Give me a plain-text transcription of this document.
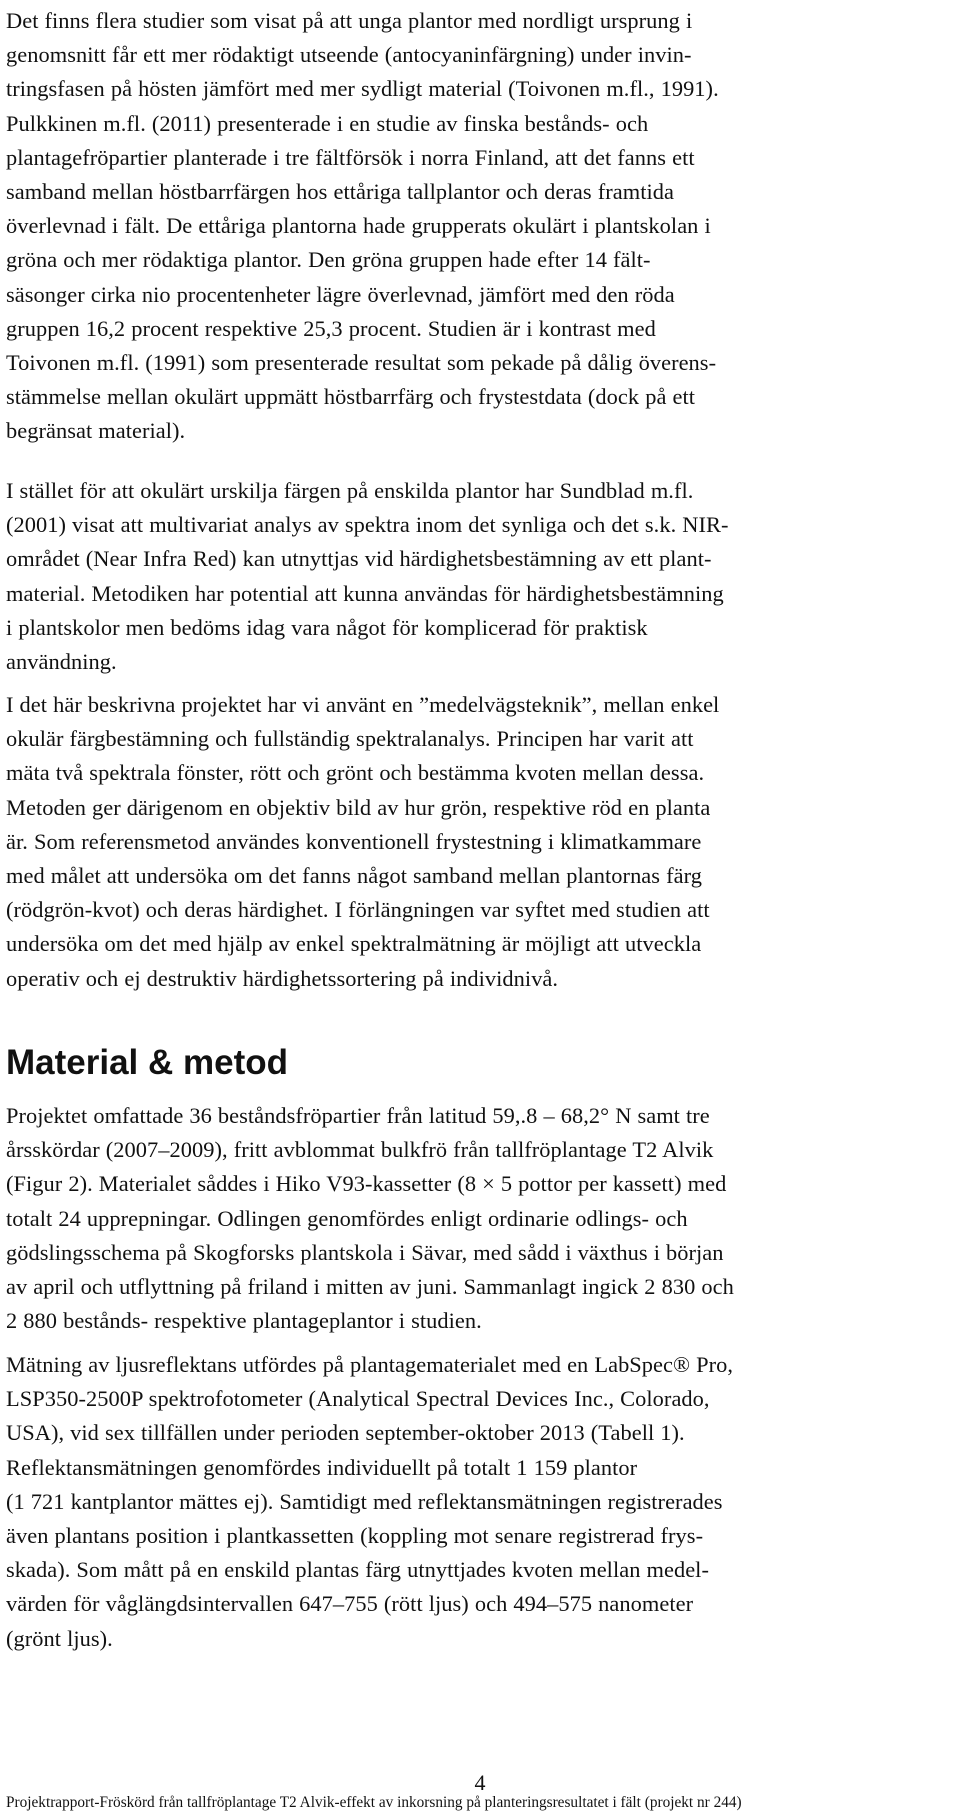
Det finns flera studier som visat på att unga plantor med nordligt ursprung i
genomsnitt får ett mer rödaktigt utseende (antocyaninfärgning) under invin-
tringsfasen på hösten jämfört med mer sydligt material (Toivonen m.fl., 1991).
Pulkkinen m.fl. (2011) presenterade i en studie av finska bestånds- och
plantagefröpartier planterade i tre fältförsök i norra Finland, att det fanns ett
samband mellan höstbarrfärgen hos ettåriga tallplantor och deras framtida
överlevnad i fält. De ettåriga plantorna hade grupperats okulärt i plantskolan i
gröna och mer rödaktiga plantor. Den gröna gruppen hade efter 14 fält-
säsonger cirka nio procentenheter lägre överlevnad, jämfört med den röda
gruppen 16,2 procent respektive 25,3 procent. Studien är i kontrast med
Toivonen m.fl. (1991) som presenterade resultat som pekade på dålig överens-
stämmelse mellan okulärt uppmätt höstbarrfärg och frystestdata (dock på ett
begränsat material).
I stället för att okulärt urskilja färgen på enskilda plantor har Sundblad m.fl.
(2001) visat att multivariat analys av spektra inom det synliga och det s.k. NIR-
området (Near Infra Red) kan utnyttjas vid härdighetsbestämning av ett plant-
material. Metodiken har potential att kunna användas för härdighetsbestämning
i plantskolor men bedöms idag vara något för komplicerad för praktisk
användning.
I det här beskrivna projektet har vi använt en ”medelvägsteknik”, mellan enkel
okulär färgbestämning och fullständig spektralanalys. Principen har varit att
mäta två spektrala fönster, rött och grönt och bestämma kvoten mellan dessa.
Metoden ger därigenom en objektiv bild av hur grön, respektive röd en planta
är. Som referensmetod användes konventionell frystestning i klimatkammare
med målet att undersöka om det fanns något samband mellan plantornas färg
(rödgrön-kvot) och deras härdighet. I förlängningen var syftet med studien att
undersöka om det med hjälp av enkel spektralmätning är möjligt att utveckla
operativ och ej destruktiv härdighetssortering på individnivå.
Material & metod
Projektet omfattade 36 beståndsfröpartier från latitud 59,.8 – 68,2° N samt tre
årsskördar (2007–2009), fritt avblommat bulkfrö från tallfröplantage T2 Alvik
(Figur 2). Materialet såddes i Hiko V93-kassetter (8 × 5 pottor per kassett) med
totalt 24 upprepningar. Odlingen genomfördes enligt ordinarie odlings- och
gödslingsschema på Skogforsks plantskola i Sävar, med sådd i växthus i början
av april och utflyttning på friland i mitten av juni. Sammanlagt ingick 2 830 och
2 880 bestånds- respektive plantageplantor i studien.
Mätning av ljusreflektans utfördes på plantagematerialet med en LabSpec® Pro,
LSP350-2500P spektrofotometer (Analytical Spectral Devices Inc., Colorado,
USA), vid sex tillfällen under perioden september-oktober 2013 (Tabell 1).
Reflektansmätningen genomfördes individuellt på totalt 1 159 plantor
(1 721 kantplantor mättes ej). Samtidigt med reflektansmätningen registrerades
även plantans position i plantkassetten (koppling mot senare registrerad frys-
skada). Som mått på en enskild plantas färg utnyttjades kvoten mellan medel-
värden för våglängdsintervallen 647–755 (rött ljus) och 494–575 nanometer
(grönt ljus).
4
Projektrapport-Fröskörd från tallfröplantage T2 Alvik-effekt av inkorsning på planteringsresultatet i fält (projekt nr 244)
